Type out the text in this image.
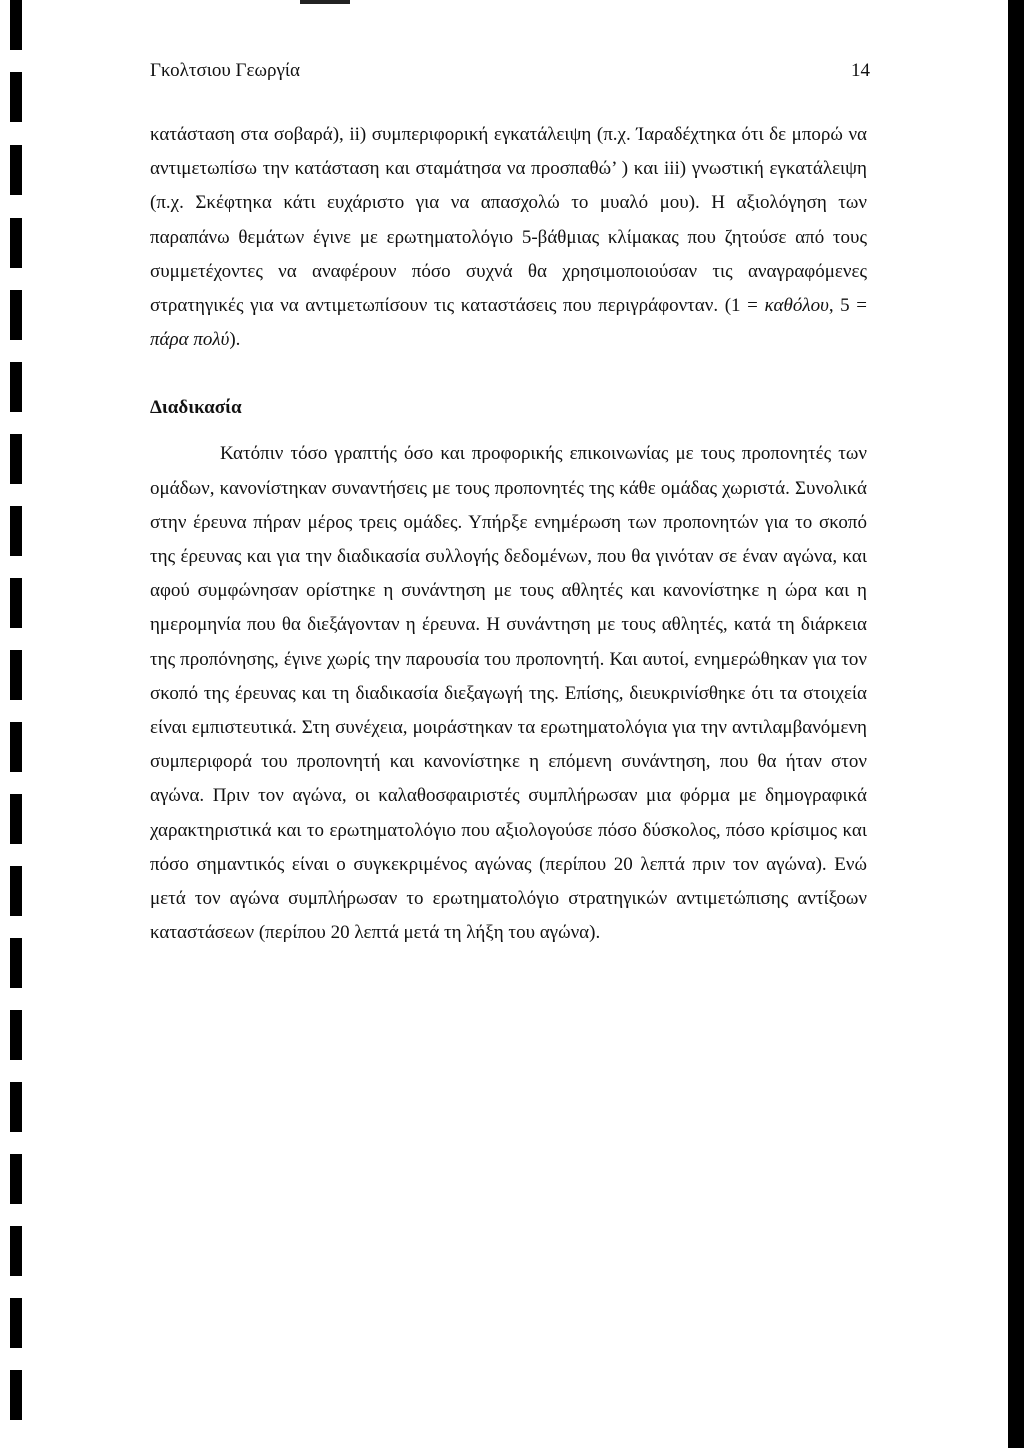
Γκολτσιου Γεωργία	14

κατάσταση στα σοβαρά), ii) συμπεριφορική εγκατάλειψη (π.χ. Ίαραδέχτηκα ότι δε μπορώ να αντιμετωπίσω την κατάσταση και σταμάτησα να προσπαθώ’ ) και iii) γνωστική εγκατάλειψη (π.χ. Σκέφτηκα κάτι ευχάριστο για να απασχολώ το μυαλό μου). Η αξιολόγηση των παραπάνω θεμάτων έγινε με ερωτηματολόγιο 5-βάθμιας κλίμακας που ζητούσε από τους συμμετέχοντες να αναφέρουν πόσο συχνά θα χρησιμοποιούσαν τις αναγραφόμενες στρατηγικές για να αντιμετωπίσουν τις καταστάσεις που περιγράφονταν. (1 = καθόλου, 5 = πάρα πολύ).

Διαδικασία

Κατόπιν τόσο γραπτής όσο και προφορικής επικοινωνίας με τους προπονητές των ομάδων, κανονίστηκαν συναντήσεις με τους προπονητές της κάθε ομάδας χωριστά. Συνολικά στην έρευνα πήραν μέρος τρεις ομάδες. Υπήρξε ενημέρωση των προπονητών για το σκοπό της έρευνας και για την διαδικασία συλλογής δεδομένων, που θα γινόταν σε έναν αγώνα, και αφού συμφώνησαν ορίστηκε η συνάντηση με τους αθλητές και κανονίστηκε η ώρα και η ημερομηνία που θα διεξάγονταν η έρευνα. Η συνάντηση με τους αθλητές, κατά τη διάρκεια της προπόνησης, έγινε χωρίς την παρουσία του προπονητή. Και αυτοί, ενημερώθηκαν για τον σκοπό της έρευνας και τη διαδικασία διεξαγωγή της. Επίσης, διευκρινίσθηκε ότι τα στοιχεία είναι εμπιστευτικά. Στη συνέχεια, μοιράστηκαν τα ερωτηματολόγια για την αντιλαμβανόμενη συμπεριφορά του προπονητή και κανονίστηκε η επόμενη συνάντηση, που θα ήταν στον αγώνα. Πριν τον αγώνα, οι καλαθοσφαιριστές συμπλήρωσαν μια φόρμα με δημογραφικά χαρακτηριστικά και το ερωτηματολόγιο που αξιολογούσε πόσο δύσκολος, πόσο κρίσιμος και πόσο σημαντικός είναι ο συγκεκριμένος αγώνας (περίπου 20 λεπτά πριν τον αγώνα). Ενώ μετά τον αγώνα συμπλήρωσαν το ερωτηματολόγιο στρατηγικών αντιμετώπισης αντίξοων καταστάσεων (περίπου 20 λεπτά μετά τη λήξη του αγώνα).
